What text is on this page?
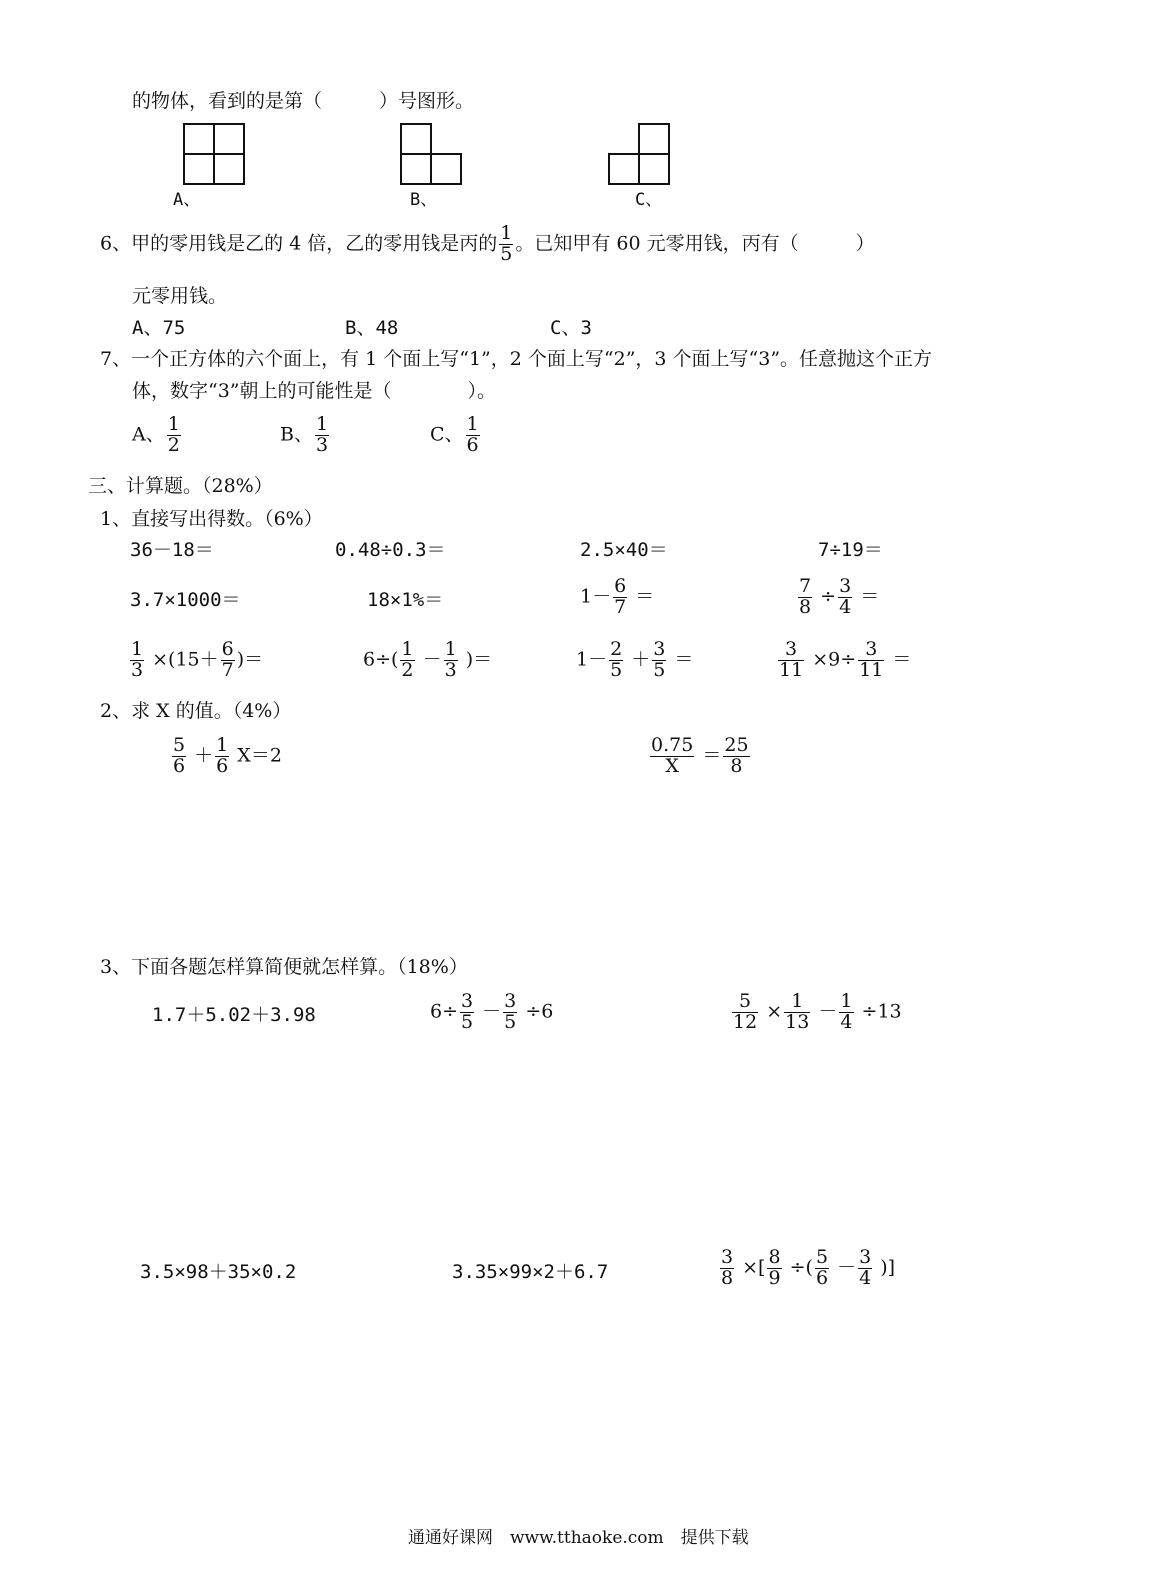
的物体，看到的是第（　　　）号图形。
A、	B、	C、
6、甲的零用钱是乙的 4 倍，乙的零用钱是丙的 $\frac{1}{5}$ 。已知甲有 60 元零用钱，丙有（　　　）
元零用钱。
A、75	B、48	C、3
7、一个正方体的六个面上，有 1 个面上写“1”，2 个面上写“2”，3 个面上写“3”。任意抛这个正方
体，数字“3”朝上的可能性是（　　　　）。
A、 $\frac{1}{2}$	B、 $\frac{1}{3}$	C、 $\frac{1}{6}$
三、计算题。（28%）
1、直接写出得数。（6%）
36－18＝	0.48÷0.3＝	2.5×40＝	7÷19＝
3.7×1000＝	18×1%＝	$1- \frac{6}{7}$ ＝	$\frac{7}{8} \div \frac{3}{4}$ ＝
$\frac{1}{3} \times(15+ \frac{6}{7}$ )＝	$6\div( \frac{1}{2} - \frac{1}{3}$ )＝	$1- \frac{2}{5} + \frac{3}{5}$ ＝	$\frac{3}{11} \times 9\div \frac{3}{11}$ ＝
2、求 X 的值。（4%）
$\frac{5}{6} + \frac{1}{6} X=2$	$\frac{0.75}{X} = \frac{25}{8}$
3、下面各题怎样算简便就怎样算。（18%）
1.7＋5.02＋3.98	$6\div \frac{3}{5} - \frac{3}{5} \div 6$	$\frac{5}{12} \times \frac{1}{13} - \frac{1}{4} \div 13$
3.5×98＋35×0.2	3.35×99×2＋6.7	$\frac{3}{8}$ ×[ $\frac{8}{9}$ ÷( $\frac{5}{6} - \frac{3}{4}$ )]
通通好课网　www.tthaoke.com　提供下载
